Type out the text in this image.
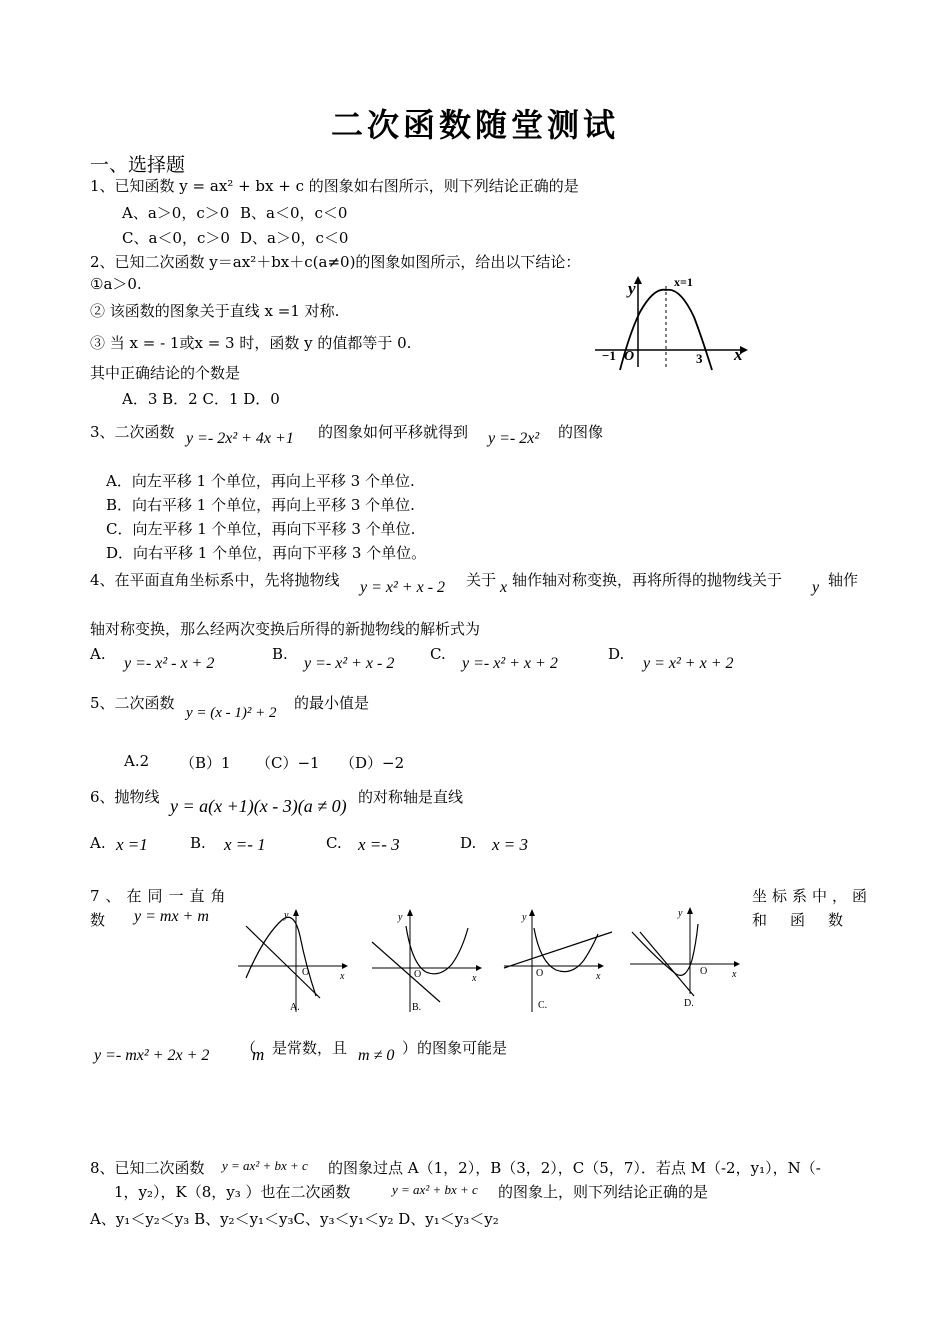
二次函数随堂测试
一、选择题
1、已知函数 y = ax² + bx + c 的图象如右图所示，则下列结论正确的是
A、a＞0，c＞0 B、a＜0，c＜0
C、a＜0，c＞0 D、a＞0，c＜0
2、已知二次函数 y＝ax²＋bx＋c(a≠0)的图象如图所示，给出以下结论：
①a＞0.
② 该函数的图象关于直线 x =1 对称.
③ 当 x = - 1或x = 3 时，函数 y 的值都等于 0.
其中正确结论的个数是
A．3 B．2 C．1 D．0
y
x
x=1
−1 O	3
3、二次函数 y =- 2x² + 4x +1 的图象如何平移就得到 y =- 2x² 的图像
A．向左平移 1 个单位，再向上平移 3 个单位.
B．向右平移 1 个单位，再向上平移 3 个单位.
C．向左平移 1 个单位，再向下平移 3 个单位.
D．向右平移 1 个单位，再向下平移 3 个单位。
4、在平面直角坐标系中，先将抛物线 y = x² + x - 2 关于 x 轴作轴对称变换，再将所得的抛物线关于 y 轴作
轴对称变换，那么经两次变换后所得的新抛物线的解析式为
A.
y =- x² - x + 2
B.
y =- x² + x - 2
C.
y =- x² + x + 2
D.
y = x² + x + 2
5、二次函数
y = (x - 1)² + 2
的最小值是
A.2 （B）1 （C）−1 （D）−2
6、抛物线 y = a(x +1)(x - 3)(a ≠ 0) 的对称轴是直线
A. x =1	B. x =- 1	C. x =- 3	D. x = 3
7、在同一直角	坐标系中，函
数 y = mx + m	和　函　数
y
x
O
A.
y
x
O
B.
y
x
O
C.
y
x
O
D.
y =- mx² + 2x + 2 （
m 是常数，且 m ≠ 0 ）的图象可能是
8、已知二次函数 y = ax² + bx + c 的图象过点 A（1，2），B（3，2），C（5，7）．若点 M（-2，y₁），N（-
1，y₂），K（8，y₃ ）也在二次函数	y = ax² + bx + c 的图象上，则下列结论正确的是
A、y₁＜y₂＜y₃ B、y₂＜y₁＜y₃C、y₃＜y₁＜y₂ D、y₁＜y₃＜y₂
